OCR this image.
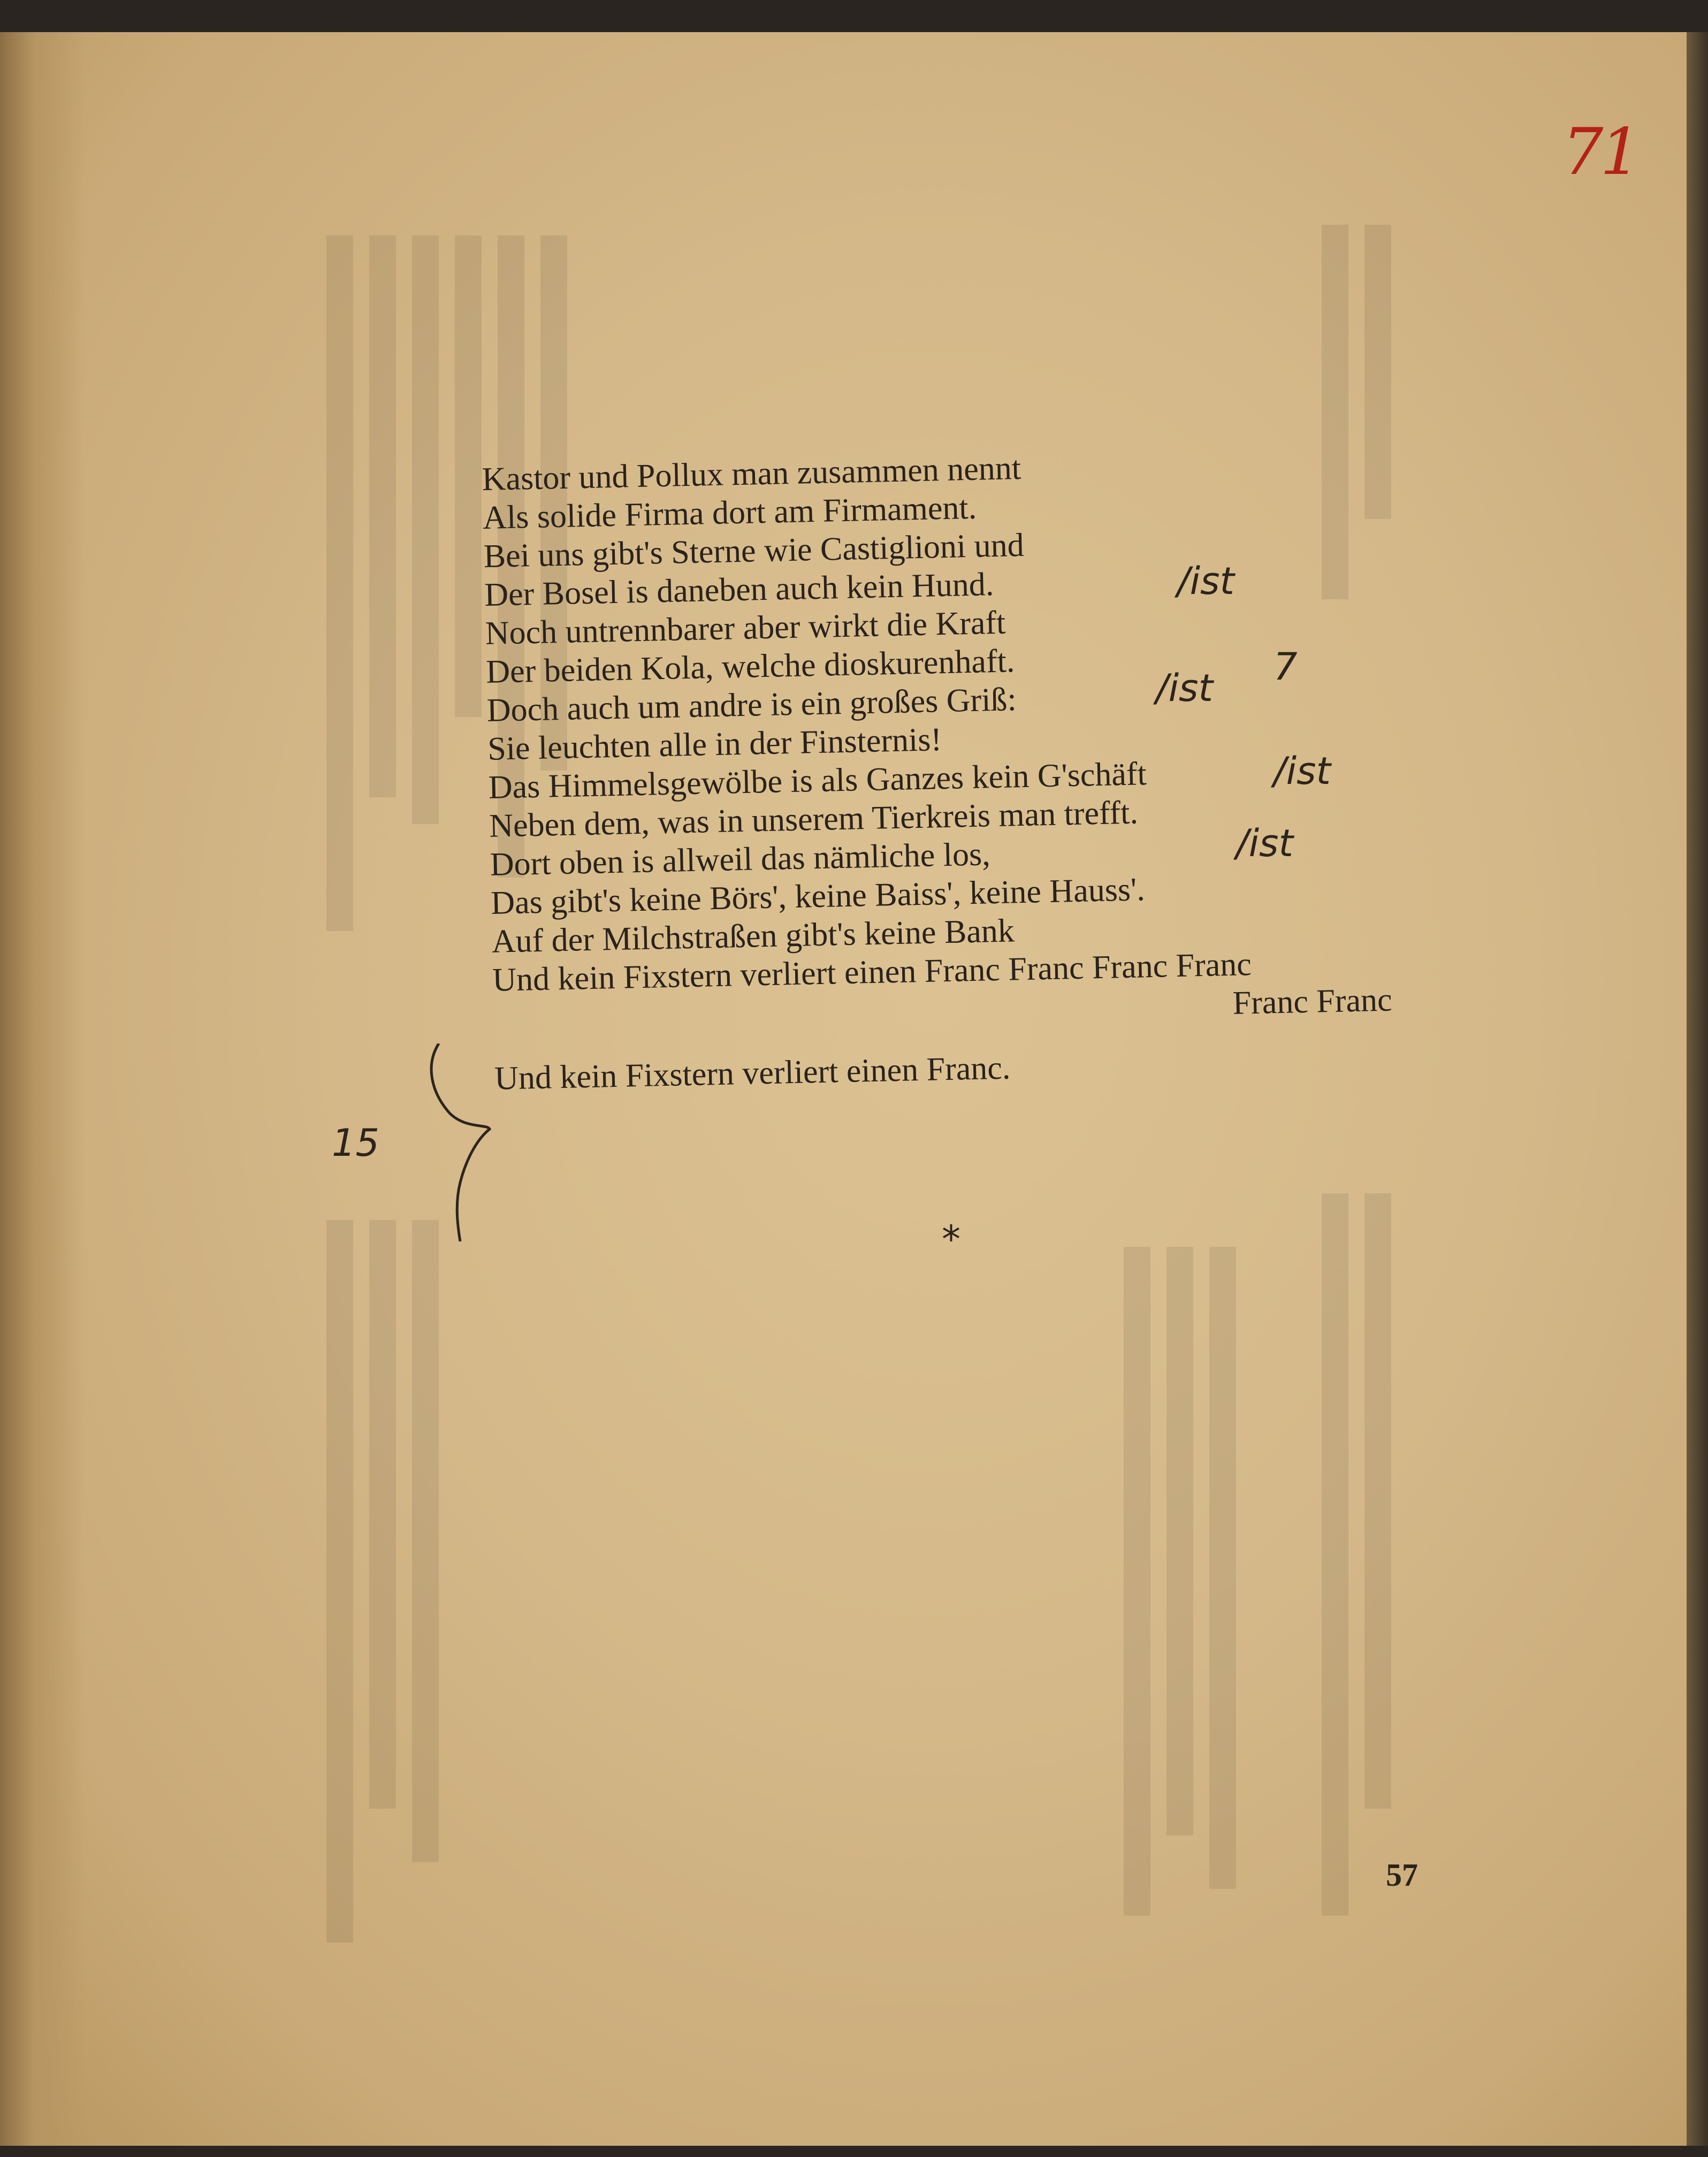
71
Kastor und Pollux man zusammen nennt
Als solide Firma dort am Firmament.
Bei uns gibt's Sterne wie Castiglioni und
Der Bosel is daneben auch kein Hund.
Noch untrennbarer aber wirkt die Kraft
Der beiden Kola, welche dioskurenhaft.
Doch auch um andre is ein großes Griß:
Sie leuchten alle in der Finsternis!
Das Himmelsgewölbe is als Ganzes kein G'schäft
Neben dem, was in unserem Tierkreis man trefft.
Dort oben is allweil das nämliche los,
Das gibt's keine Börs', keine Baiss', keine Hauss'.
Auf der Milchstraßen gibt's keine Bank
Und kein Fixstern verliert einen Franc Franc Franc Franc
Franc Franc
Und kein Fixstern verliert einen Franc.
/ist
/ist 7
/ist
/ist
15
*
57
